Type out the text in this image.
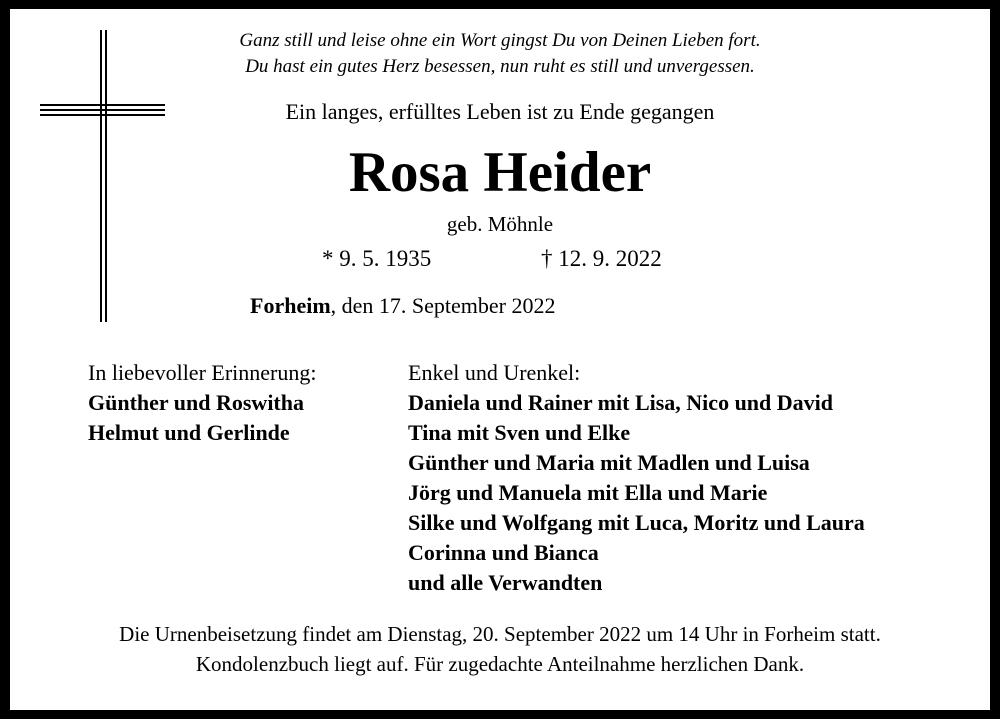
Ganz still und leise ohne ein Wort gingst Du von Deinen Lieben fort.
Du hast ein gutes Herz besessen, nun ruht es still und unvergessen.
Ein langes, erfülltes Leben ist zu Ende gegangen
Rosa Heider
geb. Möhnle
* 9. 5. 1935	† 12. 9. 2022
Forheim, den 17. September 2022
In liebevoller Erinnerung:
Günther und Roswitha
Helmut und Gerlinde
Enkel und Urenkel:
Daniela und Rainer mit Lisa, Nico und David
Tina mit Sven und Elke
Günther und Maria mit Madlen und Luisa
Jörg und Manuela mit Ella und Marie
Silke und Wolfgang mit Luca, Moritz und Laura
Corinna und Bianca
und alle Verwandten
Die Urnenbeisetzung findet am Dienstag, 20. September 2022 um 14 Uhr in Forheim statt.
Kondolenzbuch liegt auf. Für zugedachte Anteilnahme herzlichen Dank.
